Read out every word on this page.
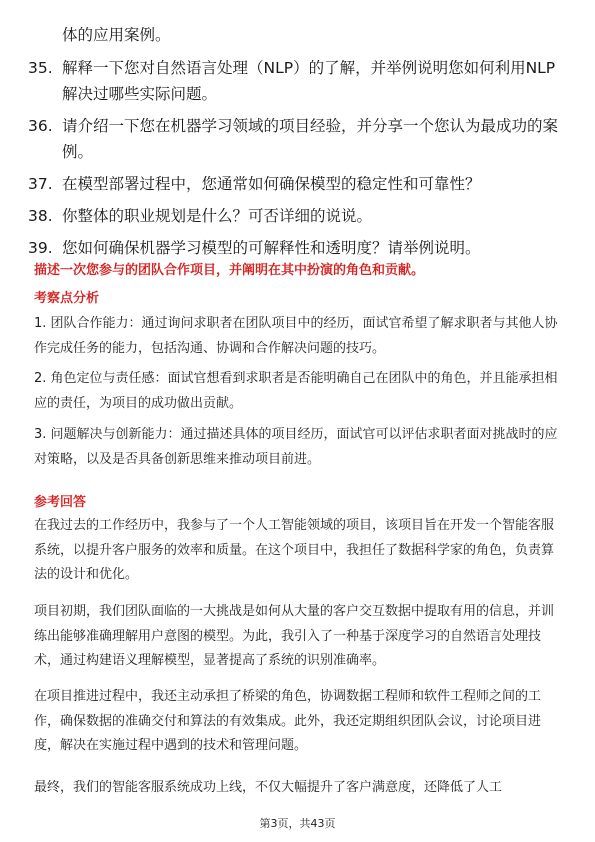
体的应用案例。
35. 解释一下您对自然语言处理（NLP）的了解，并举例说明您如何利用NLP解决过哪些实际问题。
36. 请介绍一下您在机器学习领域的项目经验，并分享一个您认为最成功的案例。
37. 在模型部署过程中，您通常如何确保模型的稳定性和可靠性？
38. 你整体的职业规划是什么？可否详细的说说。
39. 您如何确保机器学习模型的可解释性和透明度？请举例说明。
描述一次您参与的团队合作项目，并阐明在其中扮演的角色和贡献。
考察点分析
1. 团队合作能力：通过询问求职者在团队项目中的经历，面试官希望了解求职者与其他人协作完成任务的能力，包括沟通、协调和合作解决问题的技巧。
2. 角色定位与责任感：面试官想看到求职者是否能明确自己在团队中的角色，并且能承担相应的责任，为项目的成功做出贡献。
3. 问题解决与创新能力：通过描述具体的项目经历，面试官可以评估求职者面对挑战时的应对策略，以及是否具备创新思维来推动项目前进。
参考回答
在我过去的工作经历中，我参与了一个人工智能领域的项目，该项目旨在开发一个智能客服系统，以提升客户服务的效率和质量。在这个项目中，我担任了数据科学家的角色，负责算法的设计和优化。
项目初期，我们团队面临的一大挑战是如何从大量的客户交互数据中提取有用的信息，并训练出能够准确理解用户意图的模型。为此，我引入了一种基于深度学习的自然语言处理技术，通过构建语义理解模型，显著提高了系统的识别准确率。
在项目推进过程中，我还主动承担了桥梁的角色，协调数据工程师和软件工程师之间的工作，确保数据的准确交付和算法的有效集成。此外，我还定期组织团队会议，讨论项目进度，解决在实施过程中遇到的技术和管理问题。
最终，我们的智能客服系统成功上线，不仅大幅提升了客户满意度，还降低了人工
第3页，共43页
